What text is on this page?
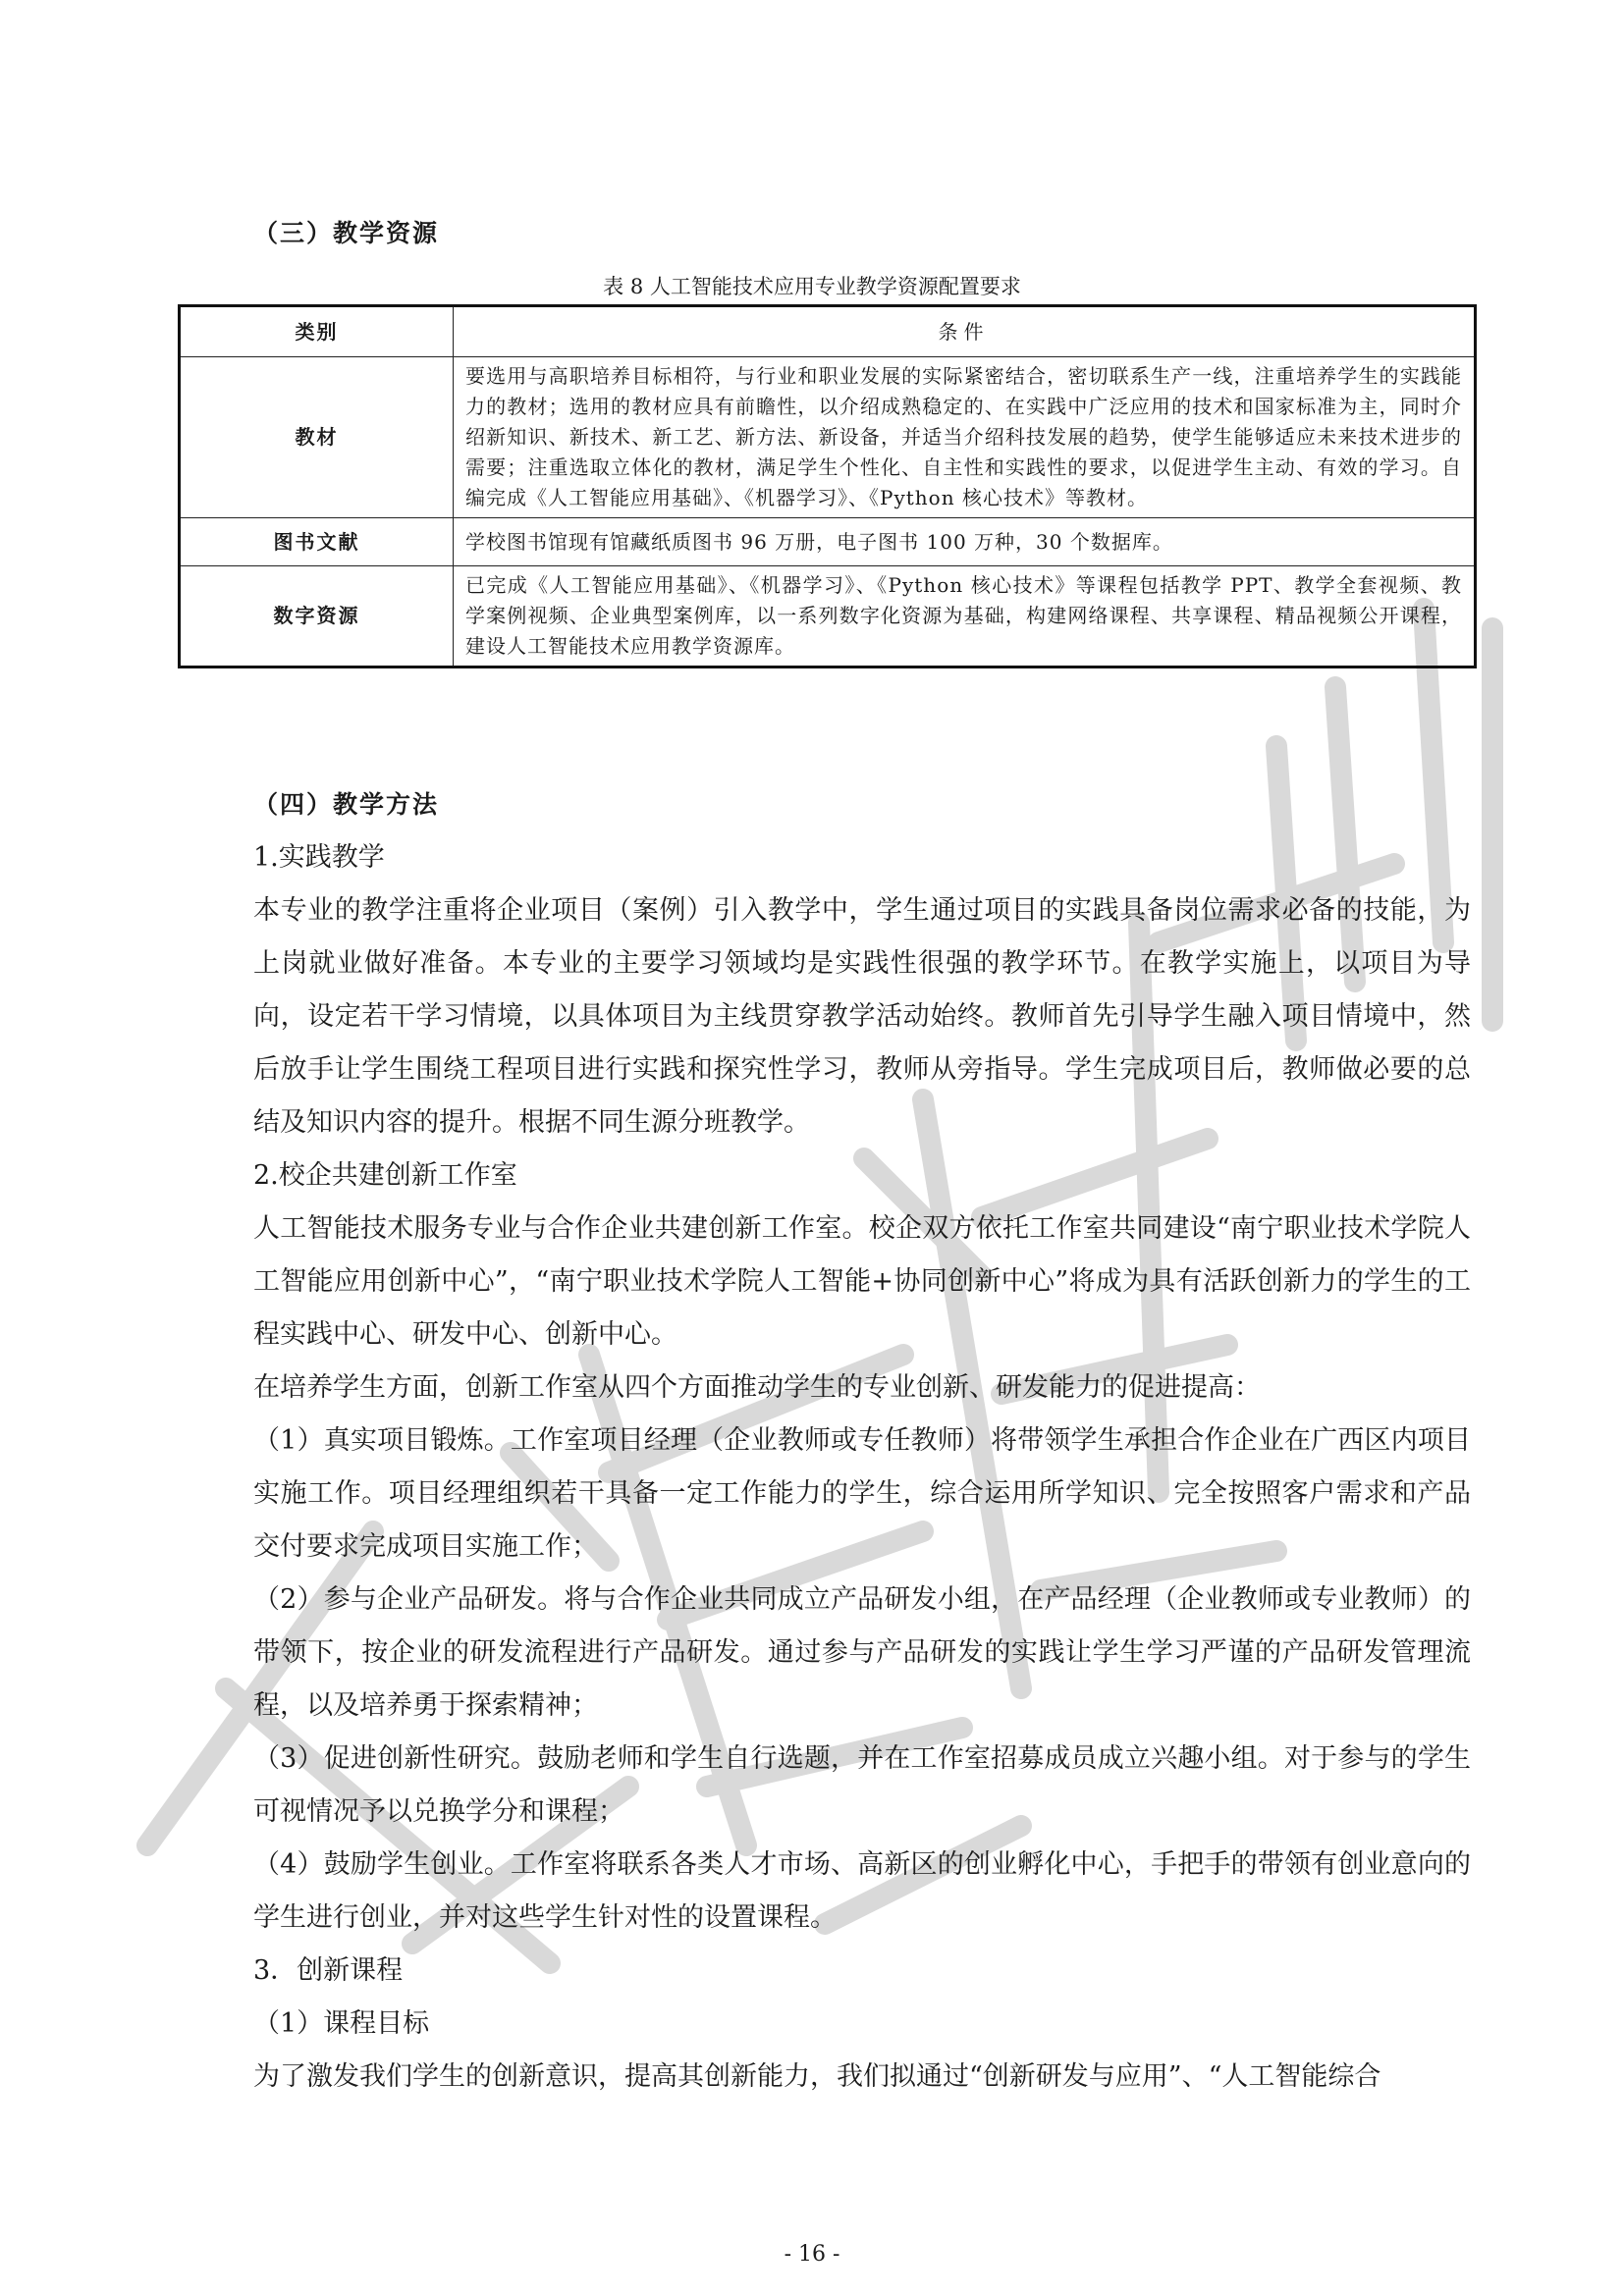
（三）教学资源
表 8 人工智能技术应用专业教学资源配置要求
类别	条件
教材	要选用与高职培养目标相符，与行业和职业发展的实际紧密结合，密切联系生产一线，注重培养学生的实践能力的教材；选用的教材应具有前瞻性，以介绍成熟稳定的、在实践中广泛应用的技术和国家标准为主，同时介绍新知识、新技术、新工艺、新方法、新设备，并适当介绍科技发展的趋势，使学生能够适应未来技术进步的需要；注重选取立体化的教材，满足学生个性化、自主性和实践性的要求，以促进学生主动、有效的学习。自编完成《人工智能应用基础》、《机器学习》、《Python 核心技术》等教材。
图书文献	学校图书馆现有馆藏纸质图书 96 万册，电子图书 100 万种，30 个数据库。
数字资源	已完成《人工智能应用基础》、《机器学习》、《Python 核心技术》等课程包括教学 PPT、教学全套视频、教学案例视频、企业典型案例库，以一系列数字化资源为基础，构建网络课程、共享课程、精品视频公开课程，建设人工智能技术应用教学资源库。
（四）教学方法
1.实践教学
本专业的教学注重将企业项目（案例）引入教学中，学生通过项目的实践具备岗位需求必备的技能，为上岗就业做好准备。本专业的主要学习领域均是实践性很强的教学环节。在教学实施上，以项目为导向，设定若干学习情境，以具体项目为主线贯穿教学活动始终。教师首先引导学生融入项目情境中，然后放手让学生围绕工程项目进行实践和探究性学习，教师从旁指导。学生完成项目后，教师做必要的总结及知识内容的提升。根据不同生源分班教学。
2.校企共建创新工作室
人工智能技术服务专业与合作企业共建创新工作室。校企双方依托工作室共同建设“南宁职业技术学院人工智能应用创新中心”，“南宁职业技术学院人工智能+协同创新中心”将成为具有活跃创新力的学生的工程实践中心、研发中心、创新中心。
在培养学生方面，创新工作室从四个方面推动学生的专业创新、研发能力的促进提高：
（1）真实项目锻炼。工作室项目经理（企业教师或专任教师）将带领学生承担合作企业在广西区内项目实施工作。项目经理组织若干具备一定工作能力的学生，综合运用所学知识、完全按照客户需求和产品交付要求完成项目实施工作；
（2）参与企业产品研发。将与合作企业共同成立产品研发小组，在产品经理（企业教师或专业教师）的带领下，按企业的研发流程进行产品研发。通过参与产品研发的实践让学生学习严谨的产品研发管理流程，以及培养勇于探索精神；
（3）促进创新性研究。鼓励老师和学生自行选题，并在工作室招募成员成立兴趣小组。对于参与的学生可视情况予以兑换学分和课程；
（4）鼓励学生创业。工作室将联系各类人才市场、高新区的创业孵化中心，手把手的带领有创业意向的学生进行创业，并对这些学生针对性的设置课程。
3．创新课程
（1）课程目标
为了激发我们学生的创新意识，提高其创新能力，我们拟通过“创新研发与应用”、“人工智能综合
- 16 -
